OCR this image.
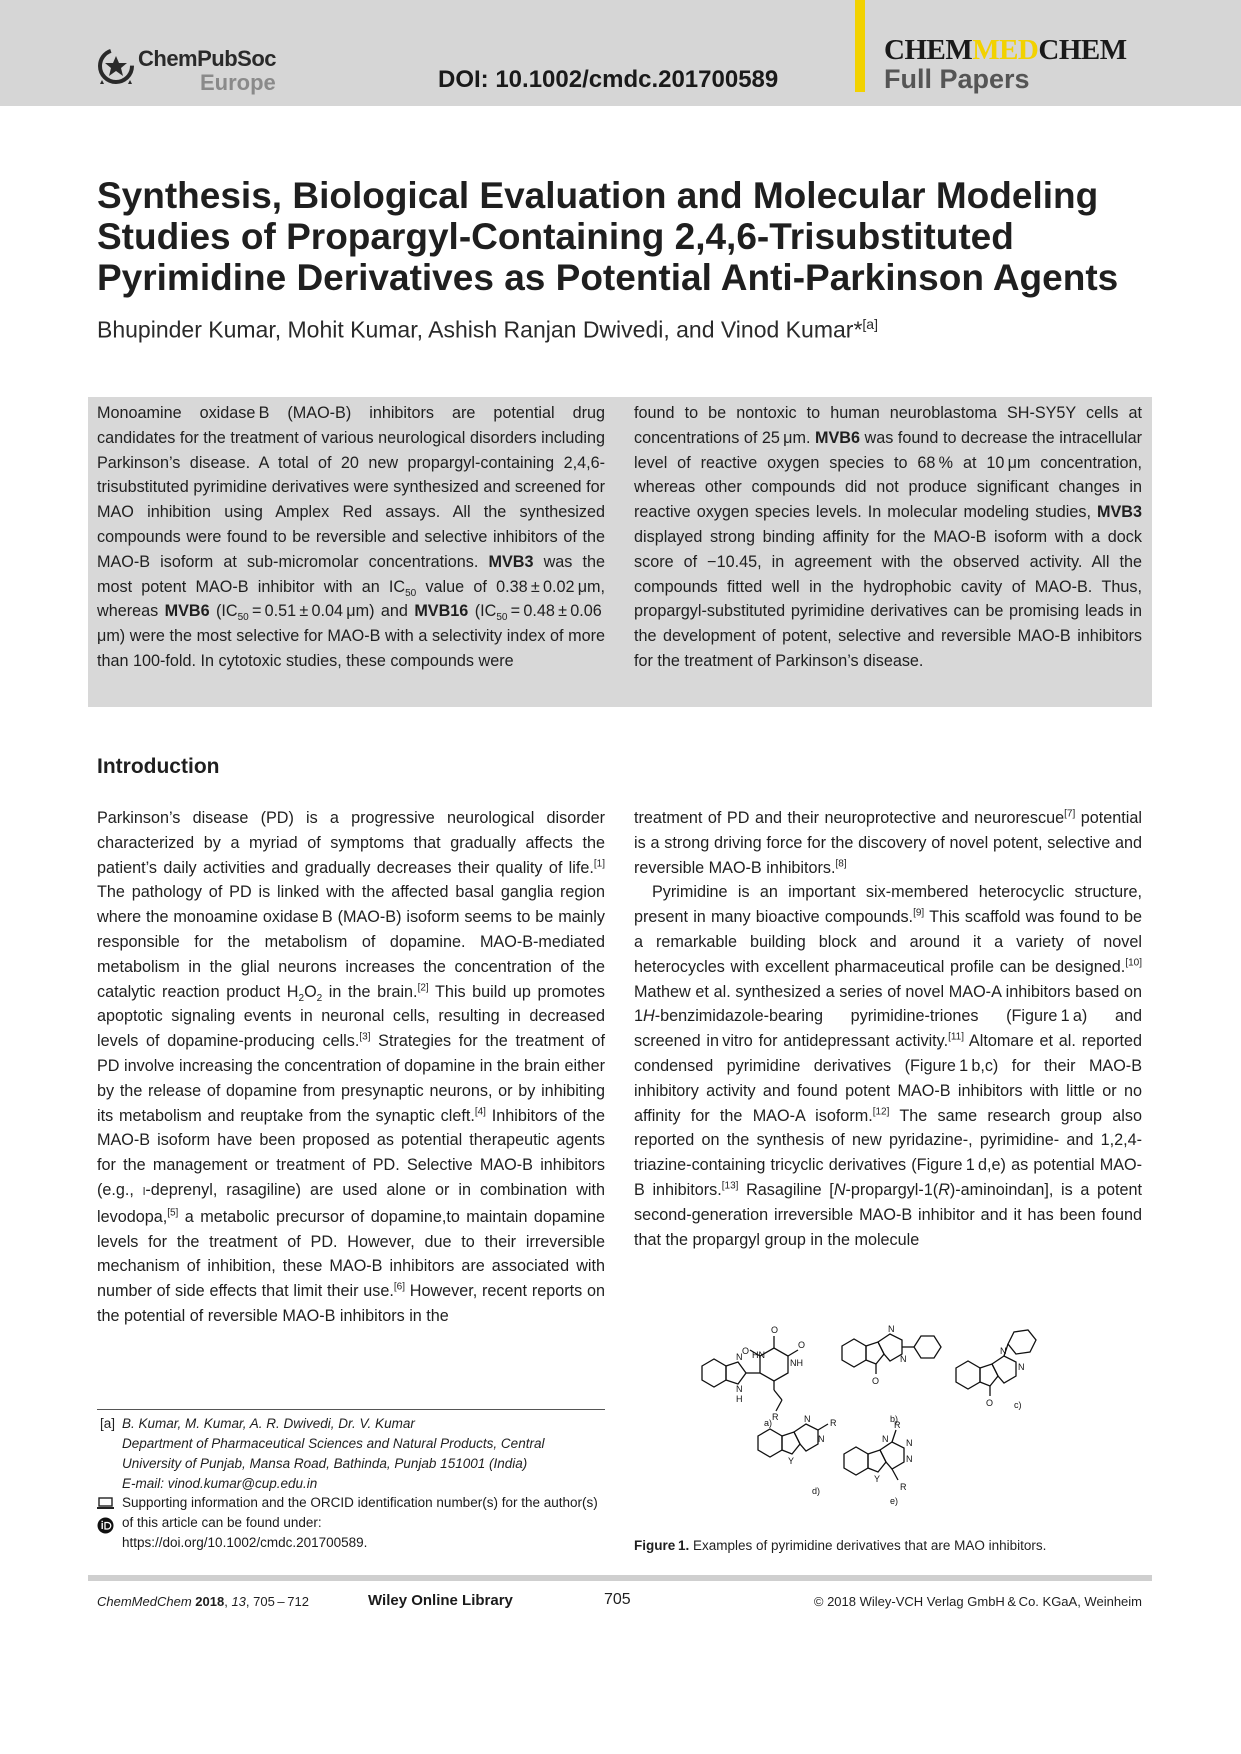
ChemPubSoc
Europe	DOI: 10.1002/cmdc.201700589
CHEMMEDCHEM
Full Papers
Synthesis, Biological Evaluation and Molecular Modeling Studies of Propargyl-Containing 2,4,6-Trisubstituted Pyrimidine Derivatives as Potential Anti-Parkinson Agents
Bhupinder Kumar, Mohit Kumar, Ashish Ranjan Dwivedi, and Vinod Kumar*[a]
Monoamine oxidase B (MAO-B) inhibitors are potential drug candidates for the treatment of various neurological disorders including Parkinson’s disease. A total of 20 new propargyl-containing 2,4,6-trisubstituted pyrimidine derivatives were synthesized and screened for MAO inhibition using Amplex Red assays. All the synthesized compounds were found to be reversible and selective inhibitors of the MAO-B isoform at sub-micromolar concentrations. MVB3 was the most potent MAO-B inhibitor with an $IC_{50}$ value of 0.38 ± 0.02 μm, whereas MVB6 ($IC_{50} = 0.51 \pm 0.04$ μm) and MVB16 ($IC_{50} = 0.48 \pm 0.06$ μm) were the most selective for MAO-B with a selectivity index of more than 100-fold. In cytotoxic studies, these compounds were
found to be nontoxic to human neuroblastoma SH-SY5Y cells at concentrations of 25 μm. MVB6 was found to decrease the intracellular level of reactive oxygen species to 68 % at 10 μm concentration, whereas other compounds did not produce significant changes in reactive oxygen species levels. In molecular modeling studies, MVB3 displayed strong binding affinity for the MAO-B isoform with a dock score of −10.45, in agreement with the observed activity. All the compounds fitted well in the hydrophobic cavity of MAO-B. Thus, propargyl-substituted pyrimidine derivatives can be promising leads in the development of potent, selective and reversible MAO-B inhibitors for the treatment of Parkinson’s disease.
Introduction
Parkinson’s disease (PD) is a progressive neurological disorder characterized by a myriad of symptoms that gradually affects the patient’s daily activities and gradually decreases their quality of life.[1] The pathology of PD is linked with the affected basal ganglia region where the monoamine oxidase B (MAO-B) isoform seems to be mainly responsible for the metabolism of dopamine. MAO-B-mediated metabolism in the glial neurons increases the concentration of the catalytic reaction product $H_2O_2$ in the brain.[2] This build up promotes apoptotic signaling events in neuronal cells, resulting in decreased levels of dopamine-producing cells.[3] Strategies for the treatment of PD involve increasing the concentration of dopamine in the brain either by the release of dopamine from presynaptic neurons, or by inhibiting its metabolism and reuptake from the synaptic cleft.[4] Inhibitors of the MAO-B isoform have been proposed as potential therapeutic agents for the management or treatment of PD. Selective MAO-B inhibitors (e.g., l-deprenyl, rasagiline) are used alone or in combination with levodopa,[5] a metabolic precursor of dopamine,to maintain dopamine levels for the treatment of PD. However, due to their irreversible mechanism of inhibition, these MAO-B inhibitors are associated with number of side effects that limit their use.[6] However, recent reports on the potential of reversible MAO-B inhibitors in the
treatment of PD and their neuroprotective and neurorescue[7] potential is a strong driving force for the discovery of novel potent, selective and reversible MAO-B inhibitors.[8]
Pyrimidine is an important six-membered heterocyclic structure, present in many bioactive compounds.[9] This scaffold was found to be a remarkable building block and around it a variety of novel heterocycles with excellent pharmaceutical profile can be designed.[10] Mathew et al. synthesized a series of novel MAO-A inhibitors based on 1H-benzimidazole-bearing pyrimidine-triones (Figure 1 a) and screened in vitro for antidepressant activity.[11] Altomare et al. reported condensed pyrimidine derivatives (Figure 1 b,c) for their MAO-B inhibitory activity and found potent MAO-B inhibitors with little or no affinity for the MAO-A isoform.[12] The same research group also reported on the synthesis of new pyridazine-, pyrimidine- and 1,2,4-triazine-containing tricyclic derivatives (Figure 1 d,e) as potential MAO-B inhibitors.[13] Rasagiline [N-propargyl-1(R)-aminoindan], is a potent second-generation irreversible MAO-B inhibitor and it has been found that the propargyl group in the molecule
[a] B. Kumar, M. Kumar, A. R. Dwivedi, Dr. V. Kumar
Department of Pharmaceutical Sciences and Natural Products, Central University of Punjab, Mansa Road, Bathinda, Punjab 151001 (India)
E-mail: vinod.kumar@cup.edu.in
Supporting information and the ORCID identification number(s) for the author(s) of this article can be found under:
https://doi.org/10.1002/cmdc.201700589.
N
N
H
O
HN
NH
O
O
R
a)
N
N
O
b)
N
N
O c)
N
N
R
Y
d)
R
N
N
N
Y
R
e)
Figure 1. Examples of pyrimidine derivatives that are MAO inhibitors.
ChemMedChem 2018, 13, 705 – 712	Wiley Online Library	705	© 2018 Wiley-VCH Verlag GmbH & Co. KGaA, Weinheim
